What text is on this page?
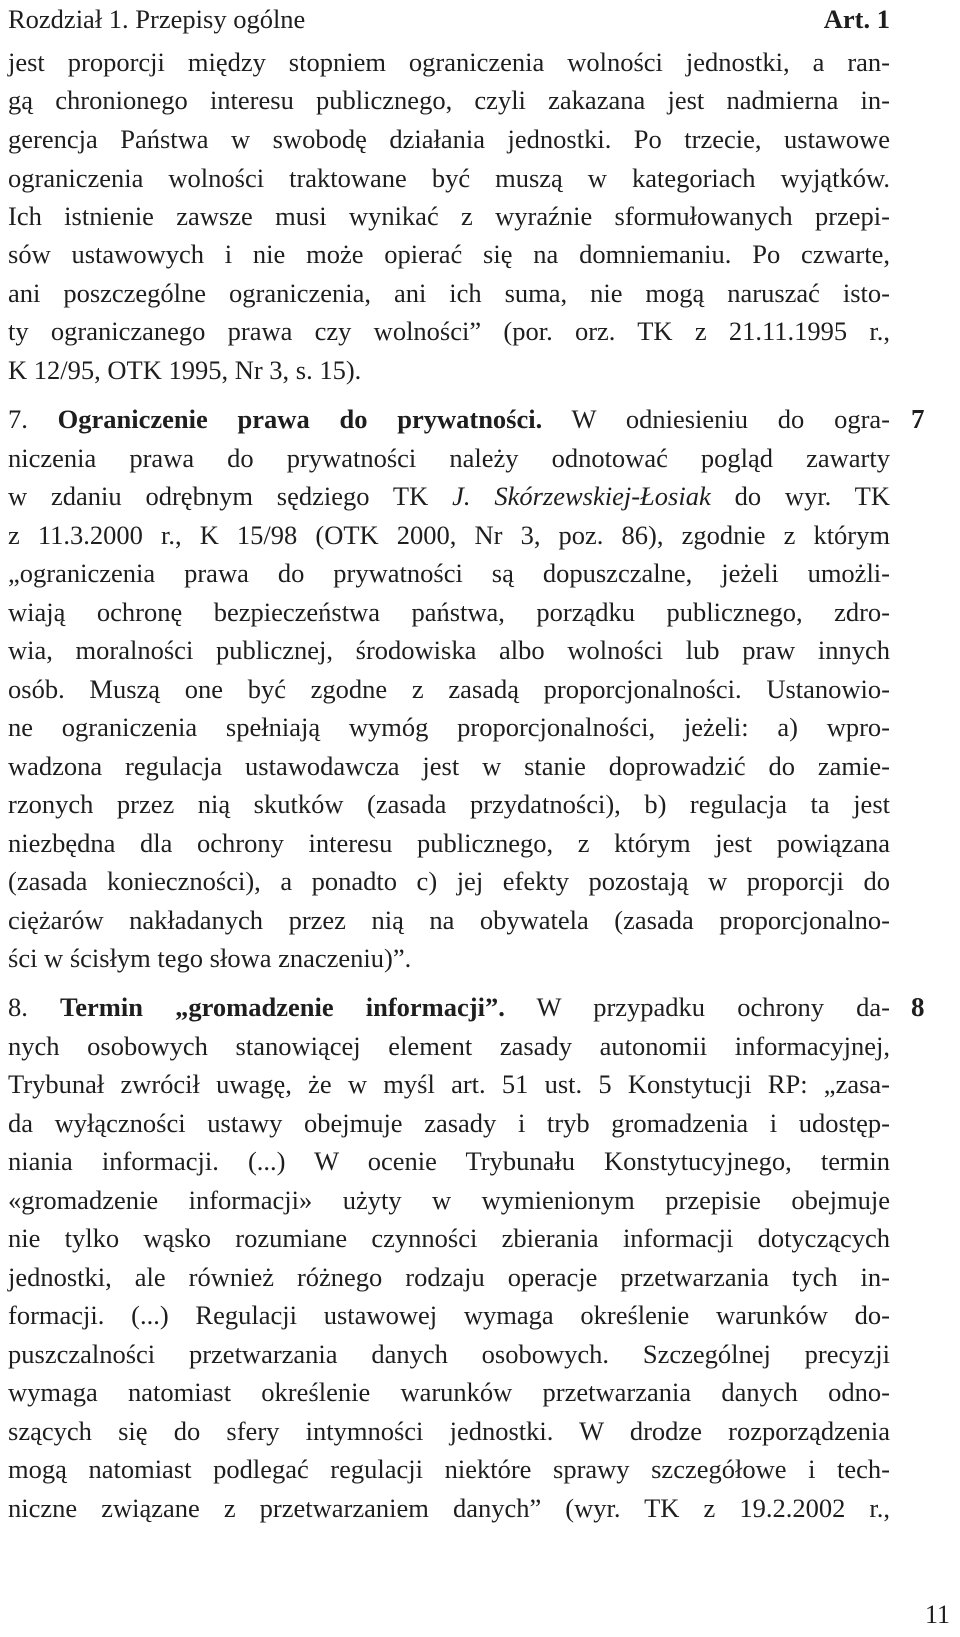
Rozdział 1. Przepisy ogólne	Art. 1
jest proporcji między stopniem ograniczenia wolności jednostki, a ran-
gą chronionego interesu publicznego, czyli zakazana jest nadmierna in-
gerencja Państwa w swobodę działania jednostki. Po trzecie, ustawowe
ograniczenia wolności traktowane być muszą w kategoriach wyjątków.
Ich istnienie zawsze musi wynikać z wyraźnie sformułowanych przepi-
sów ustawowych i nie może opierać się na domniemaniu. Po czwarte,
ani poszczególne ograniczenia, ani ich suma, nie mogą naruszać isto-
ty ograniczanego prawa czy wolności” (por. orz. TK z 21.11.1995 r.,
K 12/95, OTK 1995, Nr 3, s. 15).
7. Ograniczenie prawa do prywatności. W odniesieniu do ogra- 7
niczenia prawa do prywatności należy odnotować pogląd zawarty
w zdaniu odrębnym sędziego TK J. Skórzewskiej-Łosiak do wyr. TK
z 11.3.2000 r., K 15/98 (OTK 2000, Nr 3, poz. 86), zgodnie z którym
„ograniczenia prawa do prywatności są dopuszczalne, jeżeli umożli-
wiają ochronę bezpieczeństwa państwa, porządku publicznego, zdro-
wia, moralności publicznej, środowiska albo wolności lub praw innych
osób. Muszą one być zgodne z zasadą proporcjonalności. Ustanowio-
ne ograniczenia spełniają wymóg proporcjonalności, jeżeli: a) wpro-
wadzona regulacja ustawodawcza jest w stanie doprowadzić do zamie-
rzonych przez nią skutków (zasada przydatności), b) regulacja ta jest
niezbędna dla ochrony interesu publicznego, z którym jest powiązana
(zasada konieczności), a ponadto c) jej efekty pozostają w proporcji do
ciężarów nakładanych przez nią na obywatela (zasada proporcjonalno-
ści w ścisłym tego słowa znaczeniu)”.
8. Termin „gromadzenie informacji”. W przypadku ochrony da- 8
nych osobowych stanowiącej element zasady autonomii informacyjnej,
Trybunał zwrócił uwagę, że w myśl art. 51 ust. 5 Konstytucji RP: „zasa-
da wyłączności ustawy obejmuje zasady i tryb gromadzenia i udostęp-
niania informacji. (...) W ocenie Trybunału Konstytucyjnego, termin
«gromadzenie informacji» użyty w wymienionym przepisie obejmuje
nie tylko wąsko rozumiane czynności zbierania informacji dotyczących
jednostki, ale również różnego rodzaju operacje przetwarzania tych in-
formacji. (...) Regulacji ustawowej wymaga określenie warunków do-
puszczalności przetwarzania danych osobowych. Szczególnej precyzji
wymaga natomiast określenie warunków przetwarzania danych odno-
szących się do sfery intymności jednostki. W drodze rozporządzenia
mogą natomiast podlegać regulacji niektóre sprawy szczegółowe i tech-
niczne związane z przetwarzaniem danych” (wyr. TK z 19.2.2002 r.,
11
